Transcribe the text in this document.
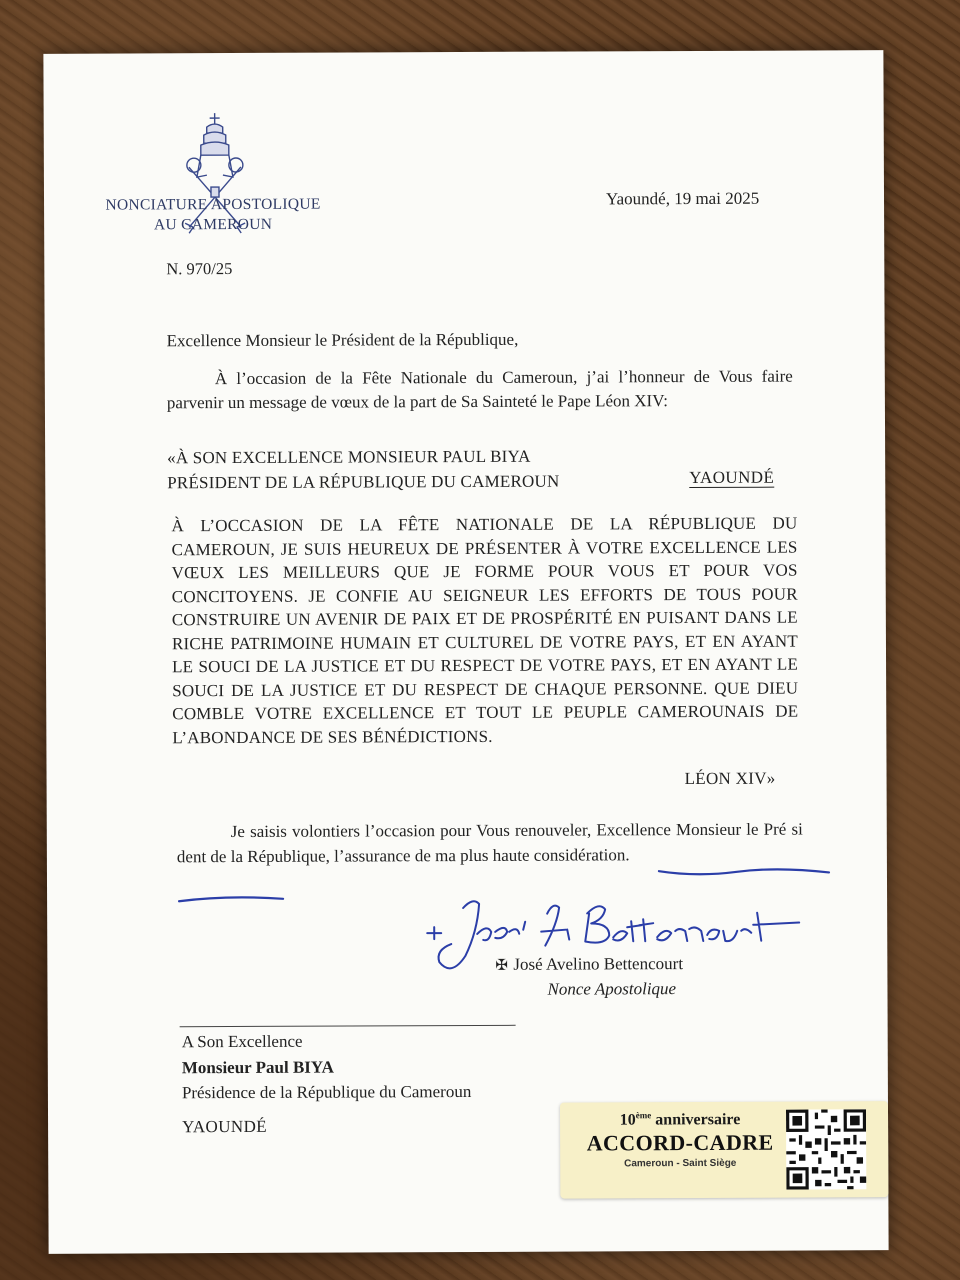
NONCIATURE APOSTOLIQUE
AU CAMEROUN
Yaoundé, 19 mai 2025
N. 970/25
Excellence Monsieur le Président de la République,
À l’occasion de la Fête Nationale du Cameroun, j’ai l’honneur de Vous faire parvenir un message de vœux de la part de Sa Sainteté le Pape Léon XIV:
«À SON EXCELLENCE MONSIEUR PAUL BIYA
PRÉSIDENT DE LA RÉPUBLIQUE DU CAMEROUN	YAOUNDÉ
À L’OCCASION DE LA FÊTE NATIONALE DE LA RÉPUBLIQUE DU CAMEROUN, JE SUIS HEUREUX DE PRÉSENTER À VOTRE EXCELLENCE LES VŒUX LES MEILLEURS QUE JE FORME POUR VOUS ET POUR VOS CONCITOYENS. JE CONFIE AU SEIGNEUR LES EFFORTS DE TOUS POUR CONSTRUIRE UN AVENIR DE PAIX ET DE PROSPÉRITÉ EN PUISANT DANS LE RICHE PATRIMOINE HUMAIN ET CULTUREL DE VOTRE PAYS, ET EN AYANT LE SOUCI DE LA JUSTICE ET DU RESPECT DE VOTRE PAYS, ET EN AYANT LE SOUCI DE LA JUSTICE ET DU RESPECT DE CHAQUE PERSONNE. QUE DIEU COMBLE VOTRE EXCELLENCE ET TOUT LE PEUPLE CAMEROUNAIS DE L’ABONDANCE DE SES BÉNÉDICTIONS.
LÉON XIV»
Je saisis volontiers l’occasion pour Vous renouveler, Excellence Monsieur le Pré si dent de la République, l’assurance de ma plus haute considération.
✠ José Avelino Bettencourt
Nonce Apostolique
A Son Excellence
Monsieur Paul BIYA
Présidence de la République du Cameroun
YAOUNDÉ	10ème anniversaire
ACCORD-CADRE
Cameroun - Saint Siège
